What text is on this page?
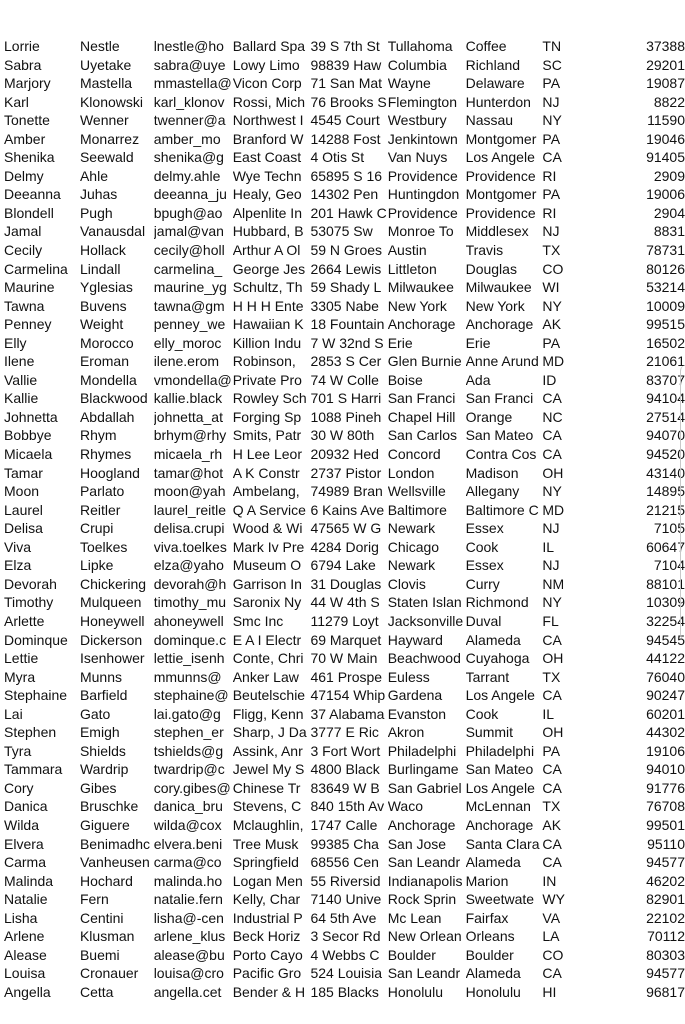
Lorrie	Nestle	lnestle@ho	Ballard Spa	39 S 7th St	Tullahoma	Coffee	TN	37388
Sabra	Uyetake	sabra@uye	Lowy Limo	98839 Haw	Columbia	Richland	SC	29201
Marjory	Mastella	mmastella@	Vicon Corp	71 San Mat	Wayne	Delaware	PA	19087
Karl	Klonowski	karl_klonov	Rossi, Mich	76 Brooks S	Flemington	Hunterdon	NJ	8822
Tonette	Wenner	twenner@a	Northwest I	4545 Court	Westbury	Nassau	NY	11590
Amber	Monarrez	amber_mo	Branford W	14288 Fost	Jenkintown	Montgomer	PA	19046
Shenika	Seewald	shenika@g	East Coast	4 Otis St	Van Nuys	Los Angele	CA	91405
Delmy	Ahle	delmy.ahle	Wye Techn	65895 S 16	Providence	Providence	RI	2909
Deeanna	Juhas	deeanna_ju	Healy, Geo	14302 Pen	Huntingdon	Montgomer	PA	19006
Blondell	Pugh	bpugh@ao	Alpenlite In	201 Hawk C	Providence	Providence	RI	2904
Jamal	Vanausdal	jamal@van	Hubbard, B	53075 Sw	Monroe To	Middlesex	NJ	8831
Cecily	Hollack	cecily@holl	Arthur A Ol	59 N Groes	Austin	Travis	TX	78731
Carmelina	Lindall	carmelina_	George Jes	2664 Lewis	Littleton	Douglas	CO	80126
Maurine	Yglesias	maurine_yg	Schultz, Th	59 Shady L	Milwaukee	Milwaukee	WI	53214
Tawna	Buvens	tawna@gm	H H H Ente	3305 Nabe	New York	New York	NY	10009
Penney	Weight	penney_we	Hawaiian K	18 Fountain	Anchorage	Anchorage	AK	99515
Elly	Morocco	elly_moroc	Killion Indu	7 W 32nd S	Erie	Erie	PA	16502
Ilene	Eroman	ilene.erom	Robinson,	2853 S Cer	Glen Burnie	Anne Arund	MD	21061
Vallie	Mondella	vmondella@	Private Pro	74 W Colle	Boise	Ada	ID	83707
Kallie	Blackwood	kallie.black	Rowley Sch	701 S Harri	San Franci	San Franci	CA	94104
Johnetta	Abdallah	johnetta_at	Forging Sp	1088 Pineh	Chapel Hill	Orange	NC	27514
Bobbye	Rhym	brhym@rhy	Smits, Patr	30 W 80th	San Carlos	San Mateo	CA	94070
Micaela	Rhymes	micaela_rh	H Lee Leor	20932 Hed	Concord	Contra Cos	CA	94520
Tamar	Hoogland	tamar@hot	A K Constr	2737 Pistor	London	Madison	OH	43140
Moon	Parlato	moon@yah	Ambelang,	74989 Bran	Wellsville	Allegany	NY	14895
Laurel	Reitler	laurel_reitle	Q A Service	6 Kains Ave	Baltimore	Baltimore C	MD	21215
Delisa	Crupi	delisa.crupi	Wood & Wi	47565 W G	Newark	Essex	NJ	7105
Viva	Toelkes	viva.toelkes	Mark Iv Pre	4284 Dorig	Chicago	Cook	IL	60647
Elza	Lipke	elza@yaho	Museum O	6794 Lake	Newark	Essex	NJ	7104
Devorah	Chickering	devorah@h	Garrison In	31 Douglas	Clovis	Curry	NM	88101
Timothy	Mulqueen	timothy_mu	Saronix Ny	44 W 4th S	Staten Islan	Richmond	NY	10309
Arlette	Honeywell	ahoneywell	Smc Inc	11279 Loyt	Jacksonville	Duval	FL	32254
Dominque	Dickerson	dominque.c	E A I Electr	69 Marquet	Hayward	Alameda	CA	94545
Lettie	Isenhower	lettie_isenh	Conte, Chri	70 W Main	Beachwood	Cuyahoga	OH	44122
Myra	Munns	mmunns@	Anker Law	461 Prospe	Euless	Tarrant	TX	76040
Stephaine	Barfield	stephaine@	Beutelschie	47154 Whip	Gardena	Los Angele	CA	90247
Lai	Gato	lai.gato@g	Fligg, Kenn	37 Alabama	Evanston	Cook	IL	60201
Stephen	Emigh	stephen_er	Sharp, J Da	3777 E Ric	Akron	Summit	OH	44302
Tyra	Shields	tshields@g	Assink, Anr	3 Fort Wort	Philadelphi	Philadelphi	PA	19106
Tammara	Wardrip	twardrip@c	Jewel My S	4800 Black	Burlingame	San Mateo	CA	94010
Cory	Gibes	cory.gibes@	Chinese Tr	83649 W B	San Gabriel	Los Angele	CA	91776
Danica	Bruschke	danica_bru	Stevens, C	840 15th Av	Waco	McLennan	TX	76708
Wilda	Giguere	wilda@cox	Mclaughlin,	1747 Calle	Anchorage	Anchorage	AK	99501
Elvera	Benimadhc	elvera.beni	Tree Musk	99385 Cha	San Jose	Santa Clara	CA	95110
Carma	Vanheusen	carma@co	Springfield	68556 Cen	San Leandr	Alameda	CA	94577
Malinda	Hochard	malinda.ho	Logan Men	55 Riversid	Indianapolis	Marion	IN	46202
Natalie	Fern	natalie.fern	Kelly, Char	7140 Unive	Rock Sprin	Sweetwate	WY	82901
Lisha	Centini	lisha@-cen	Industrial P	64 5th Ave	Mc Lean	Fairfax	VA	22102
Arlene	Klusman	arlene_klus	Beck Horiz	3 Secor Rd	New Orlean	Orleans	LA	70112
Alease	Buemi	alease@bu	Porto Cayo	4 Webbs C	Boulder	Boulder	CO	80303
Louisa	Cronauer	louisa@cro	Pacific Gro	524 Louisia	San Leandr	Alameda	CA	94577
Angella	Cetta	angella.cet	Bender & H	185 Blacks	Honolulu	Honolulu	HI	96817
